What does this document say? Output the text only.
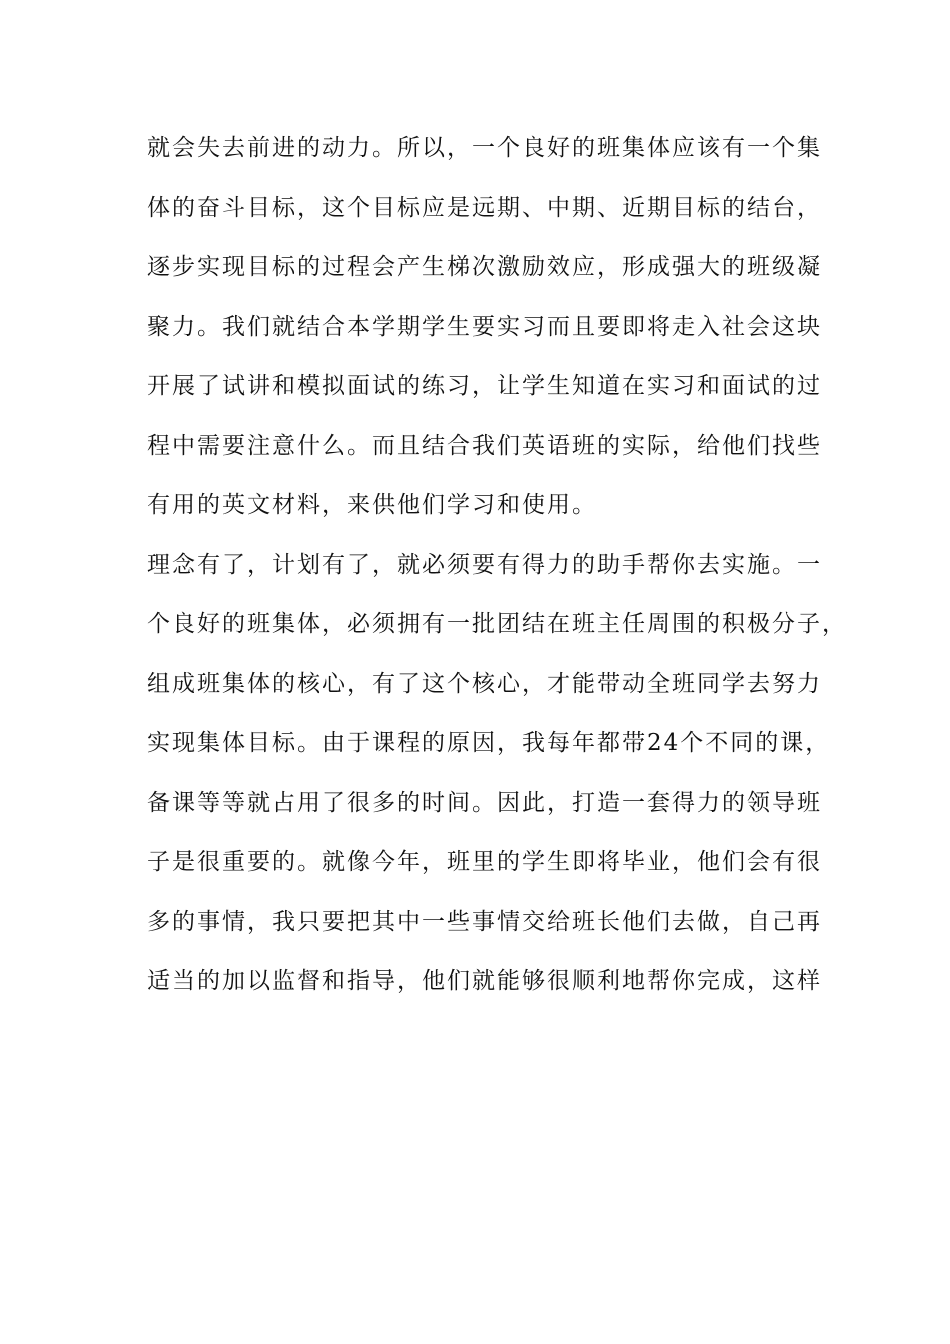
就会失去前进的动力。所以，一个良好的班集体应该有一个集
体的奋斗目标，这个目标应是远期、中期、近期目标的结台，
逐步实现目标的过程会产生梯次激励效应，形成强大的班级凝
聚力。我们就结合本学期学生要实习而且要即将走入社会这块
开展了试讲和模拟面试的练习，让学生知道在实习和面试的过
程中需要注意什么。而且结合我们英语班的实际，给他们找些
有用的英文材料，来供他们学习和使用。
理念有了，计划有了，就必须要有得力的助手帮你去实施。一
个良好的班集体，必须拥有一批团结在班主任周围的积极分子，
组成班集体的核心，有了这个核心，才能带动全班同学去努力
实现集体目标。由于课程的原因，我每年都带24个不同的课，
备课等等就占用了很多的时间。因此，打造一套得力的领导班
子是很重要的。就像今年，班里的学生即将毕业，他们会有很
多的事情，我只要把其中一些事情交给班长他们去做，自己再
适当的加以监督和指导，他们就能够很顺利地帮你完成，这样
